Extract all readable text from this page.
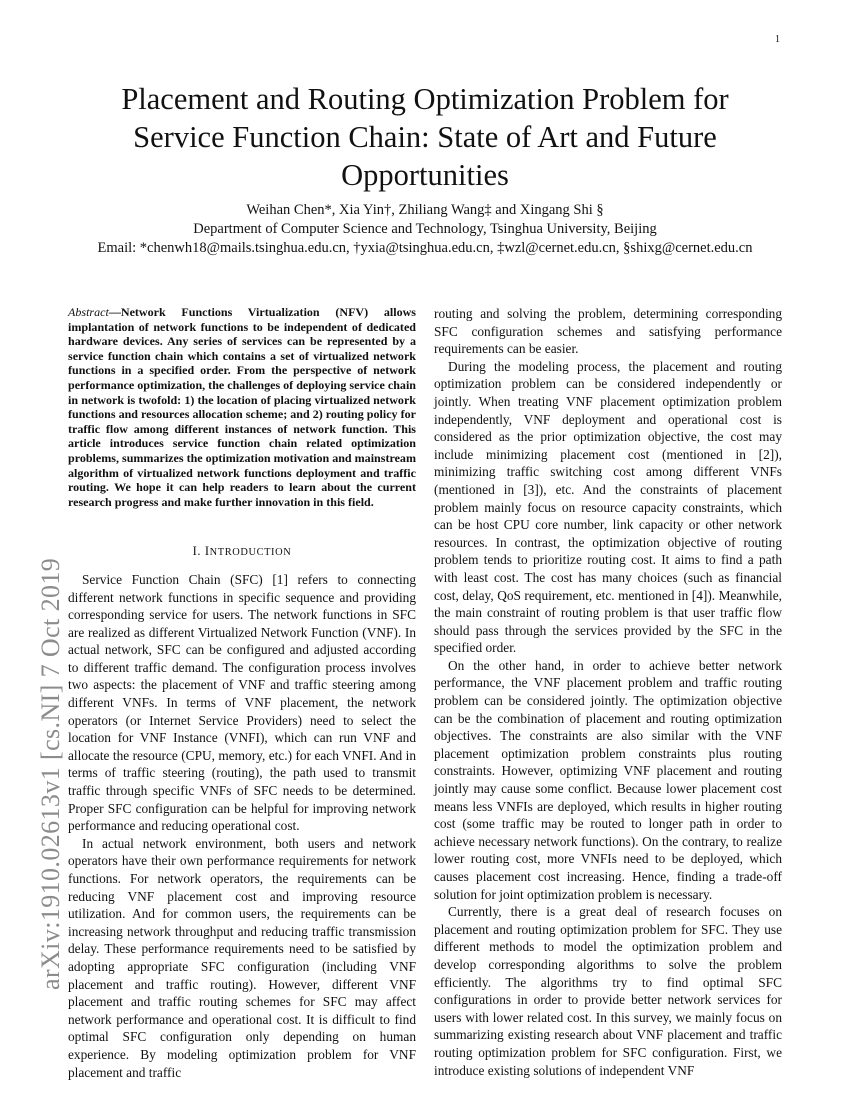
1
arXiv:1910.02613v1 [cs.NI] 7 Oct 2019
Placement and Routing Optimization Problem for
Service Function Chain: State of Art and Future
Opportunities
Weihan Chen*, Xia Yin†, Zhiliang Wang‡ and Xingang Shi §
Department of Computer Science and Technology, Tsinghua University, Beijing
Email: *chenwh18@mails.tsinghua.edu.cn, †yxia@tsinghua.edu.cn, ‡wzl@cernet.edu.cn, §shixg@cernet.edu.cn

Abstract—Network Functions Virtualization (NFV) allows implantation of network functions to be independent of dedicated hardware devices. Any series of services can be represented by a service function chain which contains a set of virtualized network functions in a specified order. From the perspective of network performance optimization, the challenges of deploying service chain in network is twofold: 1) the location of placing virtualized network functions and resources allocation scheme; and 2) routing policy for traffic flow among different instances of network function. This article introduces service function chain related optimization problems, summarizes the optimization motivation and mainstream algorithm of virtualized network functions deployment and traffic routing. We hope it can help readers to learn about the current research progress and make further innovation in this field.

I. INTRODUCTION

Service Function Chain (SFC) [1] refers to connecting different network functions in specific sequence and providing corresponding service for users. The network functions in SFC are realized as different Virtualized Network Function (VNF). In actual network, SFC can be configured and adjusted according to different traffic demand. The configuration process involves two aspects: the placement of VNF and traffic steering among different VNFs. In terms of VNF placement, the network operators (or Internet Service Providers) need to select the location for VNF Instance (VNFI), which can run VNF and allocate the resource (CPU, memory, etc.) for each VNFI. And in terms of traffic steering (routing), the path used to transmit traffic through specific VNFs of SFC needs to be determined. Proper SFC configuration can be helpful for improving network performance and reducing operational cost.

In actual network environment, both users and network operators have their own performance requirements for network functions. For network operators, the requirements can be reducing VNF placement cost and improving resource utilization. And for common users, the requirements can be increasing network throughput and reducing traffic transmission delay. These performance requirements need to be satisfied by adopting appropriate SFC configuration (including VNF placement and traffic routing). However, different VNF placement and traffic routing schemes for SFC may affect network performance and operational cost. It is difficult to find optimal SFC configuration only depending on human experience. By modeling optimization problem for VNF placement and traffic

routing and solving the problem, determining corresponding SFC configuration schemes and satisfying performance requirements can be easier.

During the modeling process, the placement and routing optimization problem can be considered independently or jointly. When treating VNF placement optimization problem independently, VNF deployment and operational cost is considered as the prior optimization objective, the cost may include minimizing placement cost (mentioned in [2]), minimizing traffic switching cost among different VNFs (mentioned in [3]), etc. And the constraints of placement problem mainly focus on resource capacity constraints, which can be host CPU core number, link capacity or other network resources. In contrast, the optimization objective of routing problem tends to prioritize routing cost. It aims to find a path with least cost. The cost has many choices (such as financial cost, delay, QoS requirement, etc. mentioned in [4]). Meanwhile, the main constraint of routing problem is that user traffic flow should pass through the services provided by the SFC in the specified order.

On the other hand, in order to achieve better network performance, the VNF placement problem and traffic routing problem can be considered jointly. The optimization objective can be the combination of placement and routing optimization objectives. The constraints are also similar with the VNF placement optimization problem constraints plus routing constraints. However, optimizing VNF placement and routing jointly may cause some conflict. Because lower placement cost means less VNFIs are deployed, which results in higher routing cost (some traffic may be routed to longer path in order to achieve necessary network functions). On the contrary, to realize lower routing cost, more VNFIs need to be deployed, which causes placement cost increasing. Hence, finding a trade-off solution for joint optimization problem is necessary.

Currently, there is a great deal of research focuses on placement and routing optimization problem for SFC. They use different methods to model the optimization problem and develop corresponding algorithms to solve the problem efficiently. The algorithms try to find optimal SFC configurations in order to provide better network services for users with lower related cost. In this survey, we mainly focus on summarizing existing research about VNF placement and traffic routing optimization problem for SFC configuration. First, we introduce existing solutions of independent VNF
